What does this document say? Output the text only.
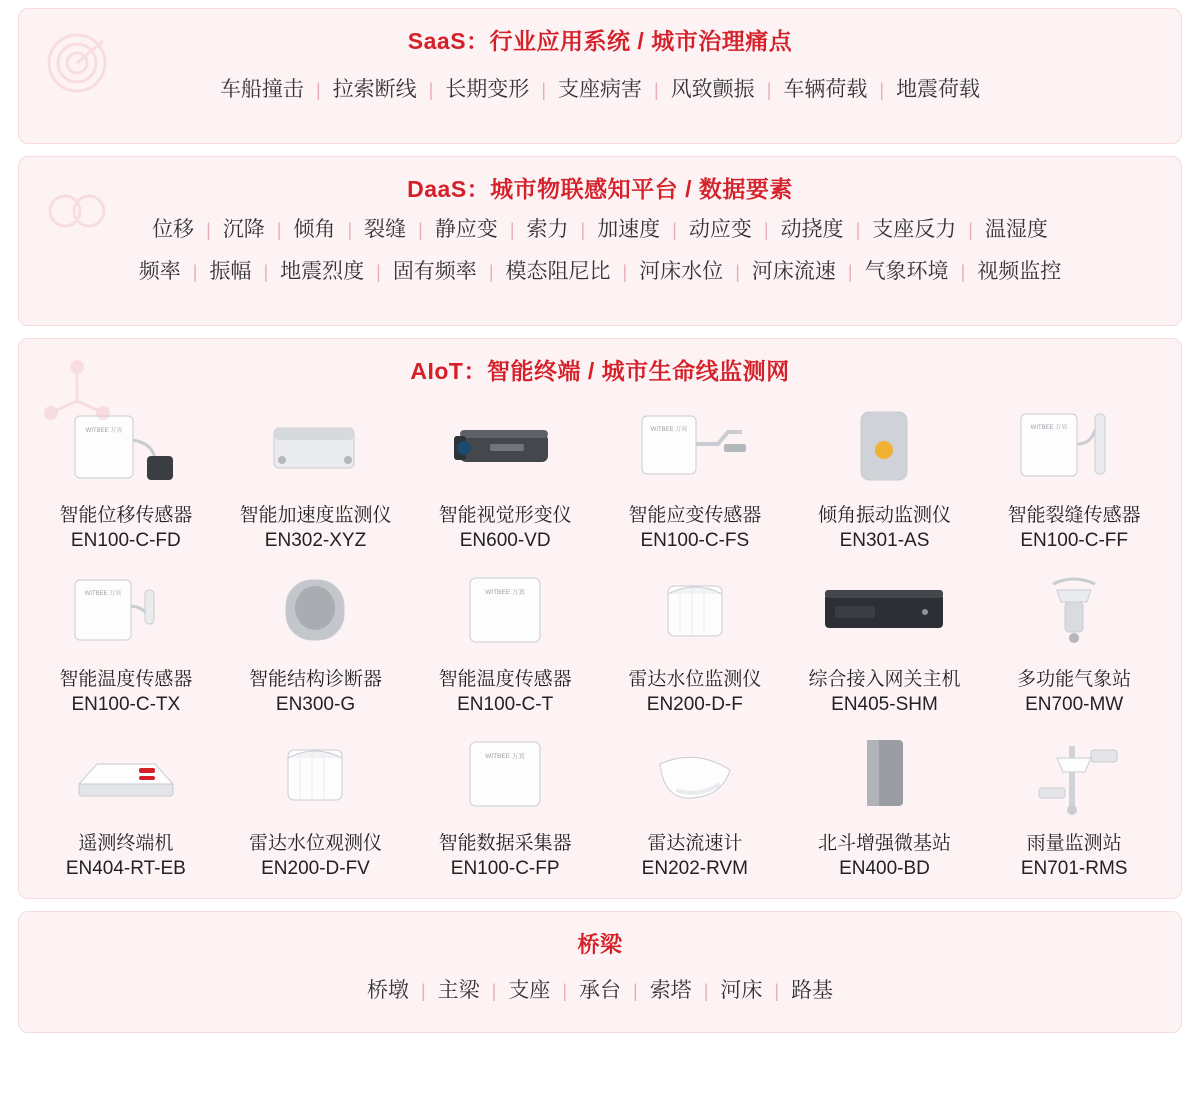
SaaS：行业应用系统 / 城市治理痛点
车船撞击 | 拉索断线 | 长期变形 | 支座病害 | 风致颤振 | 车辆荷载 | 地震荷载
DaaS：城市物联感知平台 / 数据要素
位移 | 沉降 | 倾角 | 裂缝 | 静应变 | 索力 | 加速度 | 动应变 | 动挠度 | 支座反力 | 温湿度
频率 | 振幅 | 地震烈度 | 固有频率 | 模态阻尼比 | 河床水位 | 河床流速 | 气象环境 | 视频监控
AIoT：智能终端 / 城市生命线监测网
WITBEE 万宾
智能位移传感器
EN100-C-FD
智能加速度监测仪
EN302-XYZ
智能视觉形变仪
EN600-VD
WITBEE 万宾
智能应变传感器
EN100-C-FS
倾角振动监测仪
EN301-AS
WITBEE 万宾
智能裂缝传感器
EN100-C-FF
WITBEE 万宾
智能温度传感器
EN100-C-TX
智能结构诊断器
EN300-G
WITBEE 万宾
智能温度传感器
EN100-C-T
雷达水位监测仪
EN200-D-F
综合接入网关主机
EN405-SHM
多功能气象站
EN700-MW
遥测终端机
EN404-RT-EB
雷达水位观测仪
EN200-D-FV
WITBEE 万宾
智能数据采集器
EN100-C-FP
雷达流速计
EN202-RVM
北斗增强微基站
EN400-BD
雨量监测站
EN701-RMS
桥梁
桥墩 | 主梁 | 支座 | 承台 | 索塔 | 河床 | 路基
